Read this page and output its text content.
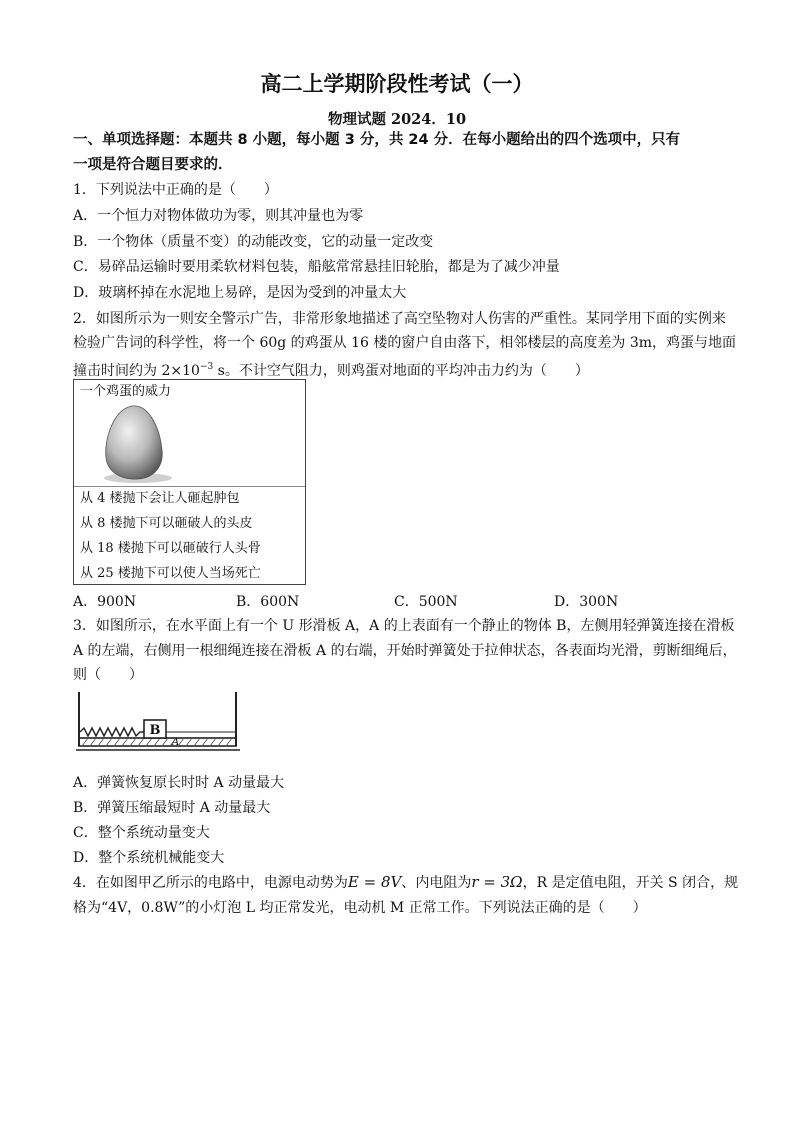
高二上学期阶段性考试（一）
物理试题 2024．10
一、单项选择题：本题共 8 小题，每小题 3 分，共 24 分．在每小题给出的四个选项中，只有
一项是符合题目要求的．
1．下列说法中正确的是（　　）
A．一个恒力对物体做功为零，则其冲量也为零
B．一个物体（质量不变）的动能改变，它的动量一定改变
C．易碎品运输时要用柔软材料包装，船舷常常悬挂旧轮胎，都是为了减少冲量
D．玻璃杯掉在水泥地上易碎，是因为受到的冲量太大
2．如图所示为一则安全警示广告，非常形象地描述了高空坠物对人伤害的严重性。某同学用下面的实例来
检验广告词的科学性，将一个 60g 的鸡蛋从 16 楼的窗户自由落下，相邻楼层的高度差为 3m，鸡蛋与地面
撞击时间约为 $2\times 10^{-3}$ s。不计空气阻力，则鸡蛋对地面的平均冲击力约为（　　）
一个鸡蛋的威力
从 4 楼抛下会让人砸起肿包
从 8 楼抛下可以砸破人的头皮
从 18 楼抛下可以砸破行人头骨
从 25 楼抛下可以使人当场死亡
A．900N	B．600N	C．500N	D．300N
3．如图所示，在水平面上有一个 U 形滑板 A，A 的上表面有一个静止的物体 B，左侧用轻弹簧连接在滑板
A 的左端，右侧用一根细绳连接在滑板 A 的右端，开始时弹簧处于拉伸状态，各表面均光滑，剪断细绳后，
则（　　）
B
A
A．弹簧恢复原长时时 A 动量最大
B．弹簧压缩最短时 A 动量最大
C．整个系统动量变大
D．整个系统机械能变大
4．在如图甲乙所示的电路中，电源电动势为E = 8V、内电阻为r = 3Ω，R 是定值电阻，开关 S 闭合，规
格为“4V，0.8W”的小灯泡 L 均正常发光，电动机 M 正常工作。下列说法正确的是（　　）
